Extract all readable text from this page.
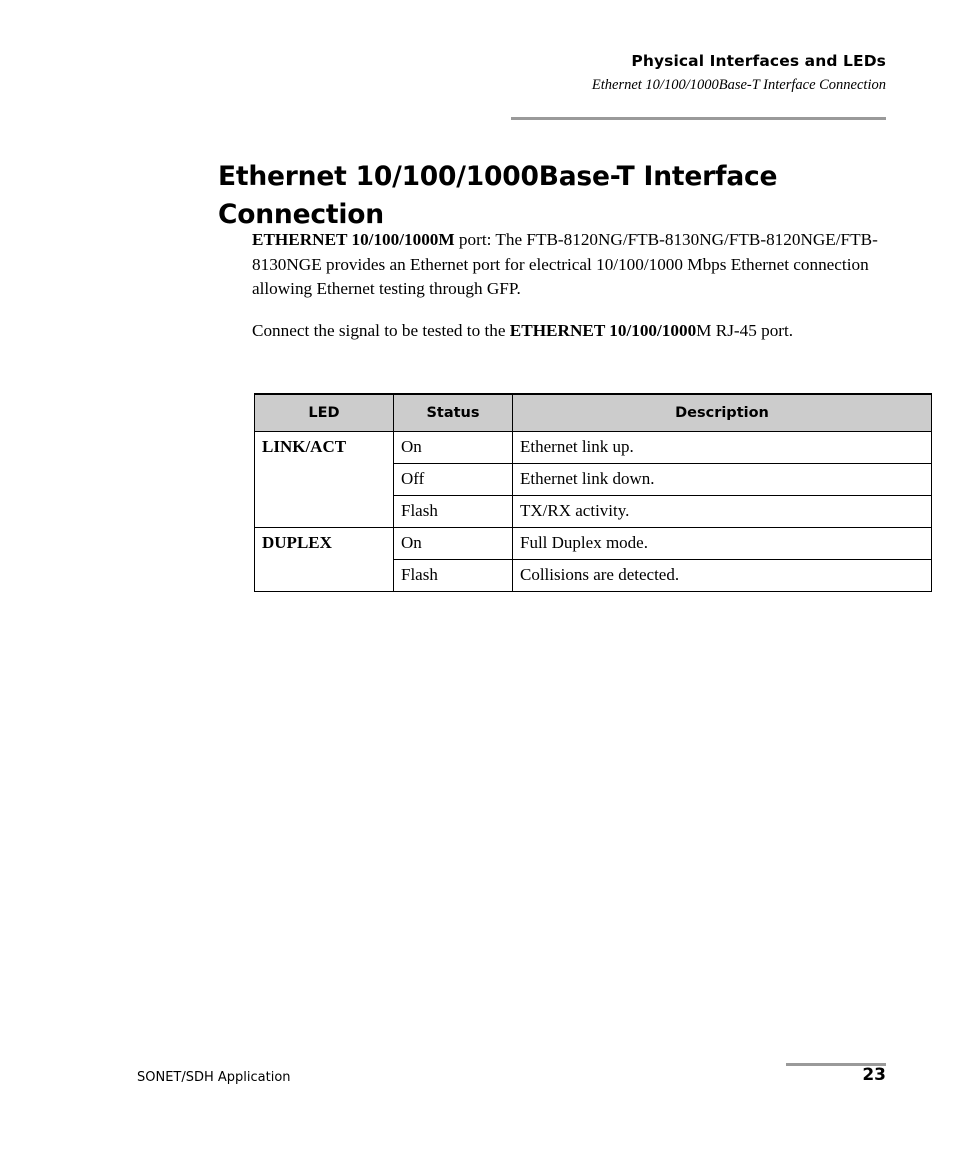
Physical Interfaces and LEDs
Ethernet 10/100/1000Base-T Interface Connection
Ethernet 10/100/1000Base-T Interface Connection

ETHERNET 10/100/1000M port: The FTB-8120NG/FTB-8130NG/FTB-8120NGE/FTB-8130NGE provides an Ethernet port for electrical 10/100/1000 Mbps Ethernet connection allowing Ethernet testing through GFP.

Connect the signal to be tested to the ETHERNET 10/100/1000M RJ-45 port.

LED	Status	Description
LINK/ACT	On	Ethernet link up.
	Off	Ethernet link down.
	Flash	TX/RX activity.
DUPLEX	On	Full Duplex mode.
	Flash	Collisions are detected.
SONET/SDH Application	23
